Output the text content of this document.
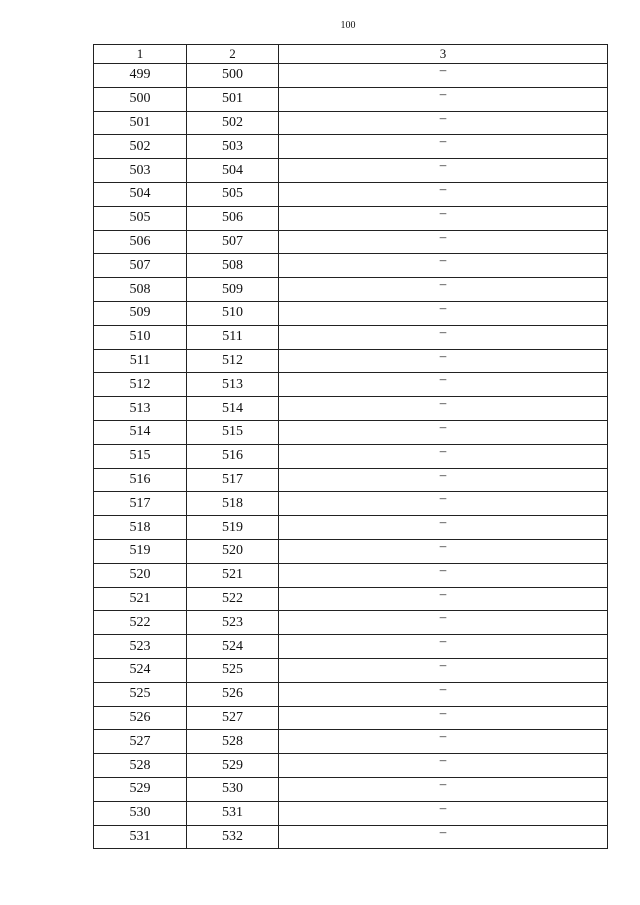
100
1	2	3
499	500	–
500	501	–
501	502	–
502	503	–
503	504	–
504	505	–
505	506	–
506	507	–
507	508	–
508	509	–
509	510	–
510	511	–
511	512	–
512	513	–
513	514	–
514	515	–
515	516	–
516	517	–
517	518	–
518	519	–
519	520	–
520	521	–
521	522	–
522	523	–
523	524	–
524	525	–
525	526	–
526	527	–
527	528	–
528	529	–
529	530	–
530	531	–
531	532	–
